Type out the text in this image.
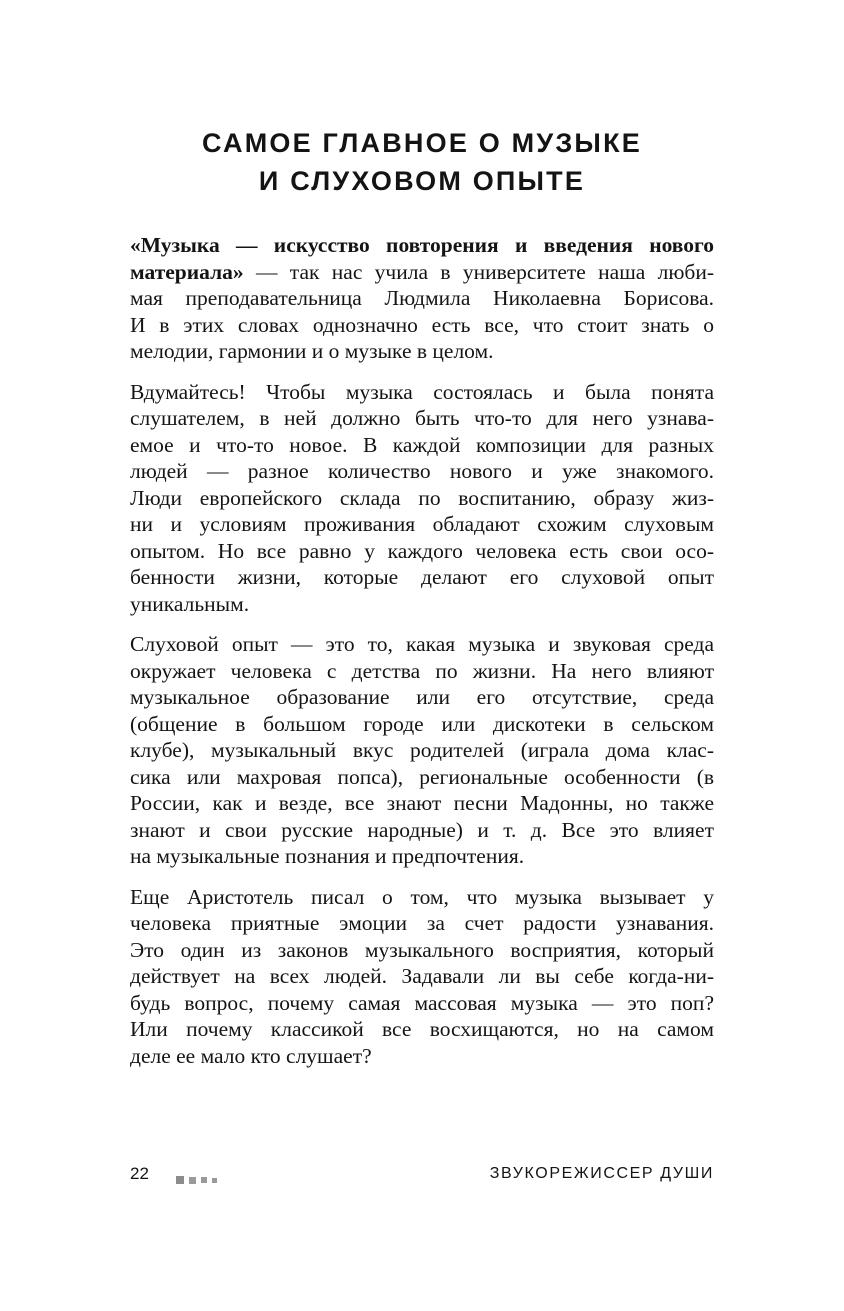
САМОЕ ГЛАВНОЕ О МУЗЫКЕ
И СЛУХОВОМ ОПЫТЕ

«Музыка — искусство повторения и введения нового
материала» — так нас учила в университете наша люби-
мая преподавательница Людмила Николаевна Борисова.
И в этих словах однозначно есть все, что стоит знать о
мелодии, гармонии и о музыке в целом.

Вдумайтесь! Чтобы музыка состоялась и была понята
слушателем, в ней должно быть что-то для него узнава-
емое и что-то новое. В каждой композиции для разных
людей — разное количество нового и уже знакомого.
Люди европейского склада по воспитанию, образу жиз-
ни и условиям проживания обладают схожим слуховым
опытом. Но все равно у каждого человека есть свои осо-
бенности жизни, которые делают его слуховой опыт
уникальным.

Слуховой опыт — это то, какая музыка и звуковая среда
окружает человека с детства по жизни. На него влияют
музыкальное образование или его отсутствие, среда
(общение в большом городе или дискотеки в сельском
клубе), музыкальный вкус родителей (играла дома клас-
сика или махровая попса), региональные особенности (в
России, как и везде, все знают песни Мадонны, но также
знают и свои русские народные) и т. д. Все это влияет
на музыкальные познания и предпочтения.

Еще Аристотель писал о том, что музыка вызывает у
человека приятные эмоции за счет радости узнавания.
Это один из законов музыкального восприятия, который
действует на всех людей. Задавали ли вы себе когда-ни-
будь вопрос, почему самая массовая музыка — это поп?
Или почему классикой все восхищаются, но на самом
деле ее мало кто слушает?

22	ЗВУКОРЕЖИССЕР ДУШИ
